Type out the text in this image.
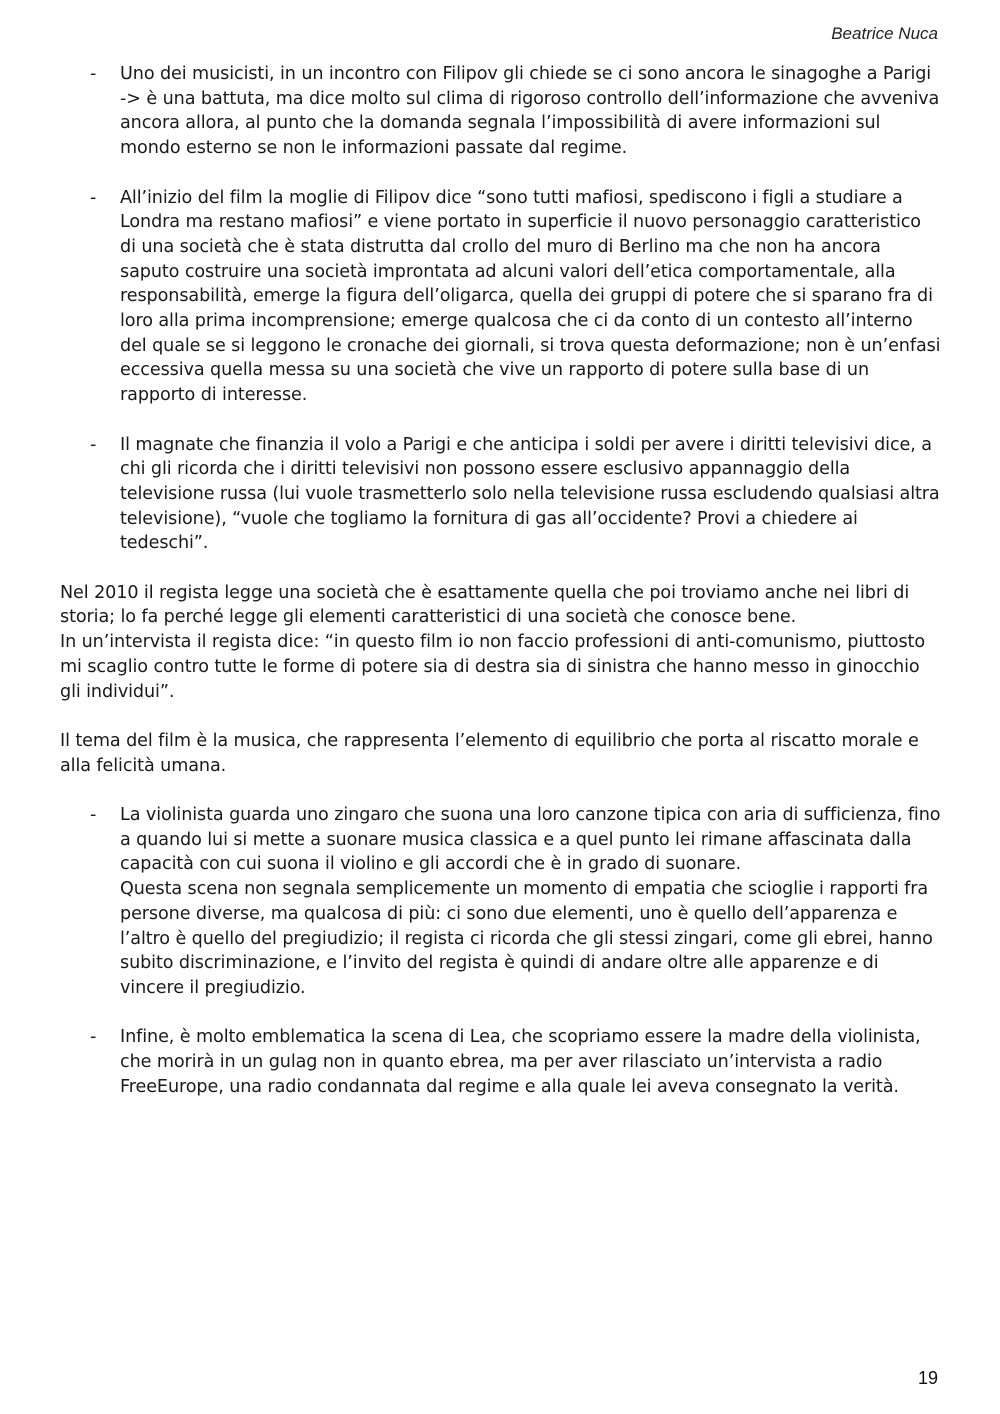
Beatrice Nuca
- Uno dei musicisti, in un incontro con Filipov gli chiede se ci sono ancora le sinagoghe a Parigi -> è una battuta, ma dice molto sul clima di rigoroso controllo dell’informazione che avveniva ancora allora, al punto che la domanda segnala l’impossibilità di avere informazioni sul mondo esterno se non le informazioni passate dal regime.

- All’inizio del film la moglie di Filipov dice “sono tutti mafiosi, spediscono i figli a studiare a Londra ma restano mafiosi” e viene portato in superficie il nuovo personaggio caratteristico di una società che è stata distrutta dal crollo del muro di Berlino ma che non ha ancora saputo costruire una società improntata ad alcuni valori dell’etica comportamentale, alla responsabilità, emerge la figura dell’oligarca, quella dei gruppi di potere che si sparano fra di loro alla prima incomprensione; emerge qualcosa che ci da conto di un contesto all’interno del quale se si leggono le cronache dei giornali, si trova questa deformazione; non è un’enfasi eccessiva quella messa su una società che vive un rapporto di potere sulla base di un rapporto di interesse.

- Il magnate che finanzia il volo a Parigi e che anticipa i soldi per avere i diritti televisivi dice, a chi gli ricorda che i diritti televisivi non possono essere esclusivo appannaggio della televisione russa (lui vuole trasmetterlo solo nella televisione russa escludendo qualsiasi altra televisione), “vuole che togliamo la fornitura di gas all’occidente? Provi a chiedere ai tedeschi”.

Nel 2010 il regista legge una società che è esattamente quella che poi troviamo anche nei libri di storia; lo fa perché legge gli elementi caratteristici di una società che conosce bene.

In un’intervista il regista dice: “in questo film io non faccio professioni di anti-comunismo, piuttosto mi scaglio contro tutte le forme di potere sia di destra sia di sinistra che hanno messo in ginocchio gli individui”.

Il tema del film è la musica, che rappresenta l’elemento di equilibrio che porta al riscatto morale e alla felicità umana.

- La violinista guarda uno zingaro che suona una loro canzone tipica con aria di sufficienza, fino a quando lui si mette a suonare musica classica e a quel punto lei rimane affascinata dalla capacità con cui suona il violino e gli accordi che è in grado di suonare.

Questa scena non segnala semplicemente un momento di empatia che scioglie i rapporti fra persone diverse, ma qualcosa di più: ci sono due elementi, uno è quello dell’apparenza e l’altro è quello del pregiudizio; il regista ci ricorda che gli stessi zingari, come gli ebrei, hanno subito discriminazione, e l’invito del regista è quindi di andare oltre alle apparenze e di vincere il pregiudizio.

- Infine, è molto emblematica la scena di Lea, che scopriamo essere la madre della violinista, che morirà in un gulag non in quanto ebrea, ma per aver rilasciato un’intervista a radio FreeEurope, una radio condannata dal regime e alla quale lei aveva consegnato la verità.

19
